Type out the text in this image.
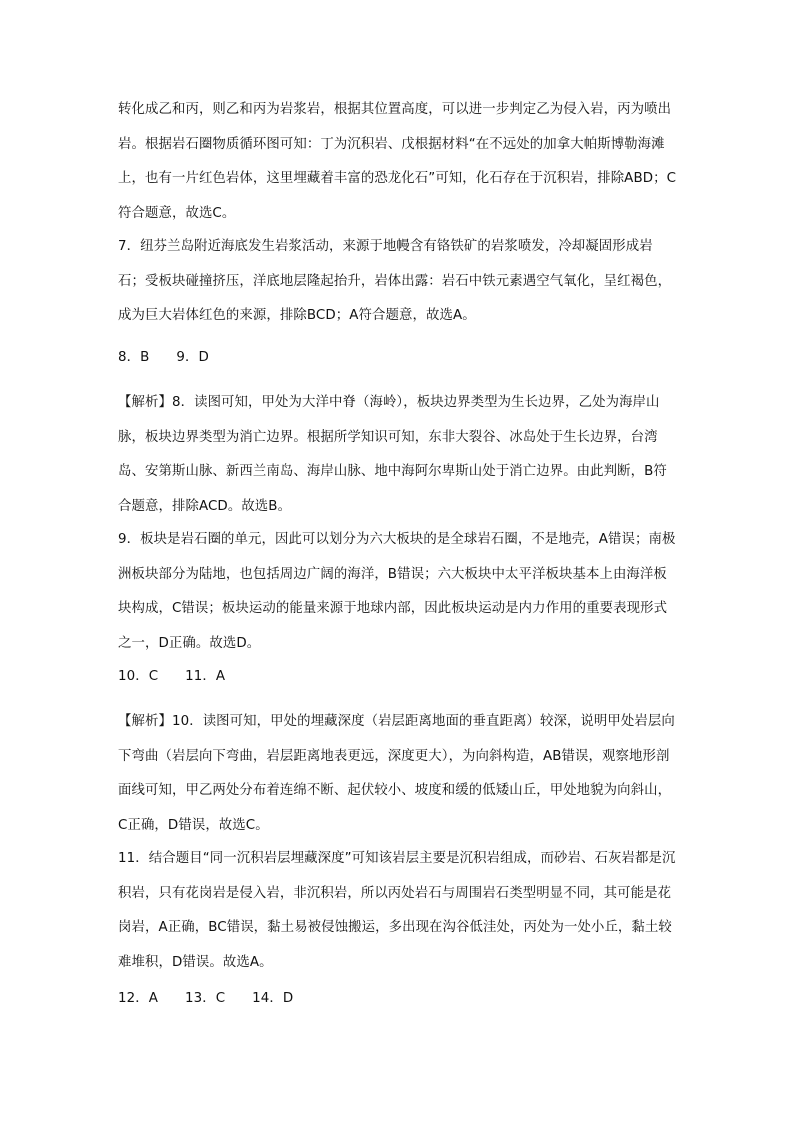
转化成乙和丙，则乙和丙为岩浆岩，根据其位置高度，可以进一步判定乙为侵入岩，丙为喷出岩。根据岩石圈物质循环图可知：丁为沉积岩、戊根据材料“在不远处的加拿大帕斯博勒海滩上，也有一片红色岩体，这里埋藏着丰富的恐龙化石”可知，化石存在于沉积岩，排除ABD；C符合题意，故选C。

7．纽芬兰岛附近海底发生岩浆活动，来源于地幔含有铬铁矿的岩浆喷发，冷却凝固形成岩石；受板块碰撞挤压，洋底地层隆起抬升，岩体出露：岩石中铁元素遇空气氧化，呈红褐色，成为巨大岩体红色的来源，排除BCD；A符合题意，故选A。

8．B　　9．D

【解析】8．读图可知，甲处为大洋中脊（海岭），板块边界类型为生长边界，乙处为海岸山脉，板块边界类型为消亡边界。根据所学知识可知，东非大裂谷、冰岛处于生长边界，台湾岛、安第斯山脉、新西兰南岛、海岸山脉、地中海阿尔卑斯山处于消亡边界。由此判断，B符合题意，排除ACD。故选B。

9．板块是岩石圈的单元，因此可以划分为六大板块的是全球岩石圈，不是地壳，A错误；南极洲板块部分为陆地，也包括周边广阔的海洋，B错误；六大板块中太平洋板块基本上由海洋板块构成，C错误；板块运动的能量来源于地球内部，因此板块运动是内力作用的重要表现形式之一，D正确。故选D。

10．C　　11．A

【解析】10．读图可知，甲处的埋藏深度（岩层距离地面的垂直距离）较深，说明甲处岩层向下弯曲（岩层向下弯曲，岩层距离地表更远，深度更大），为向斜构造，AB错误，观察地形剖面线可知，甲乙两处分布着连绵不断、起伏较小、坡度和缓的低矮山丘，甲处地貌为向斜山，C正确，D错误，故选C。

11．结合题目“同一沉积岩层埋藏深度”可知该岩层主要是沉积岩组成，而砂岩、石灰岩都是沉积岩，只有花岗岩是侵入岩，非沉积岩，所以丙处岩石与周围岩石类型明显不同，其可能是花岗岩，A正确，BC错误，黏土易被侵蚀搬运，多出现在沟谷低洼处，丙处为一处小丘，黏土较难堆积，D错误。故选A。

12．A　　13．C　　14．D
